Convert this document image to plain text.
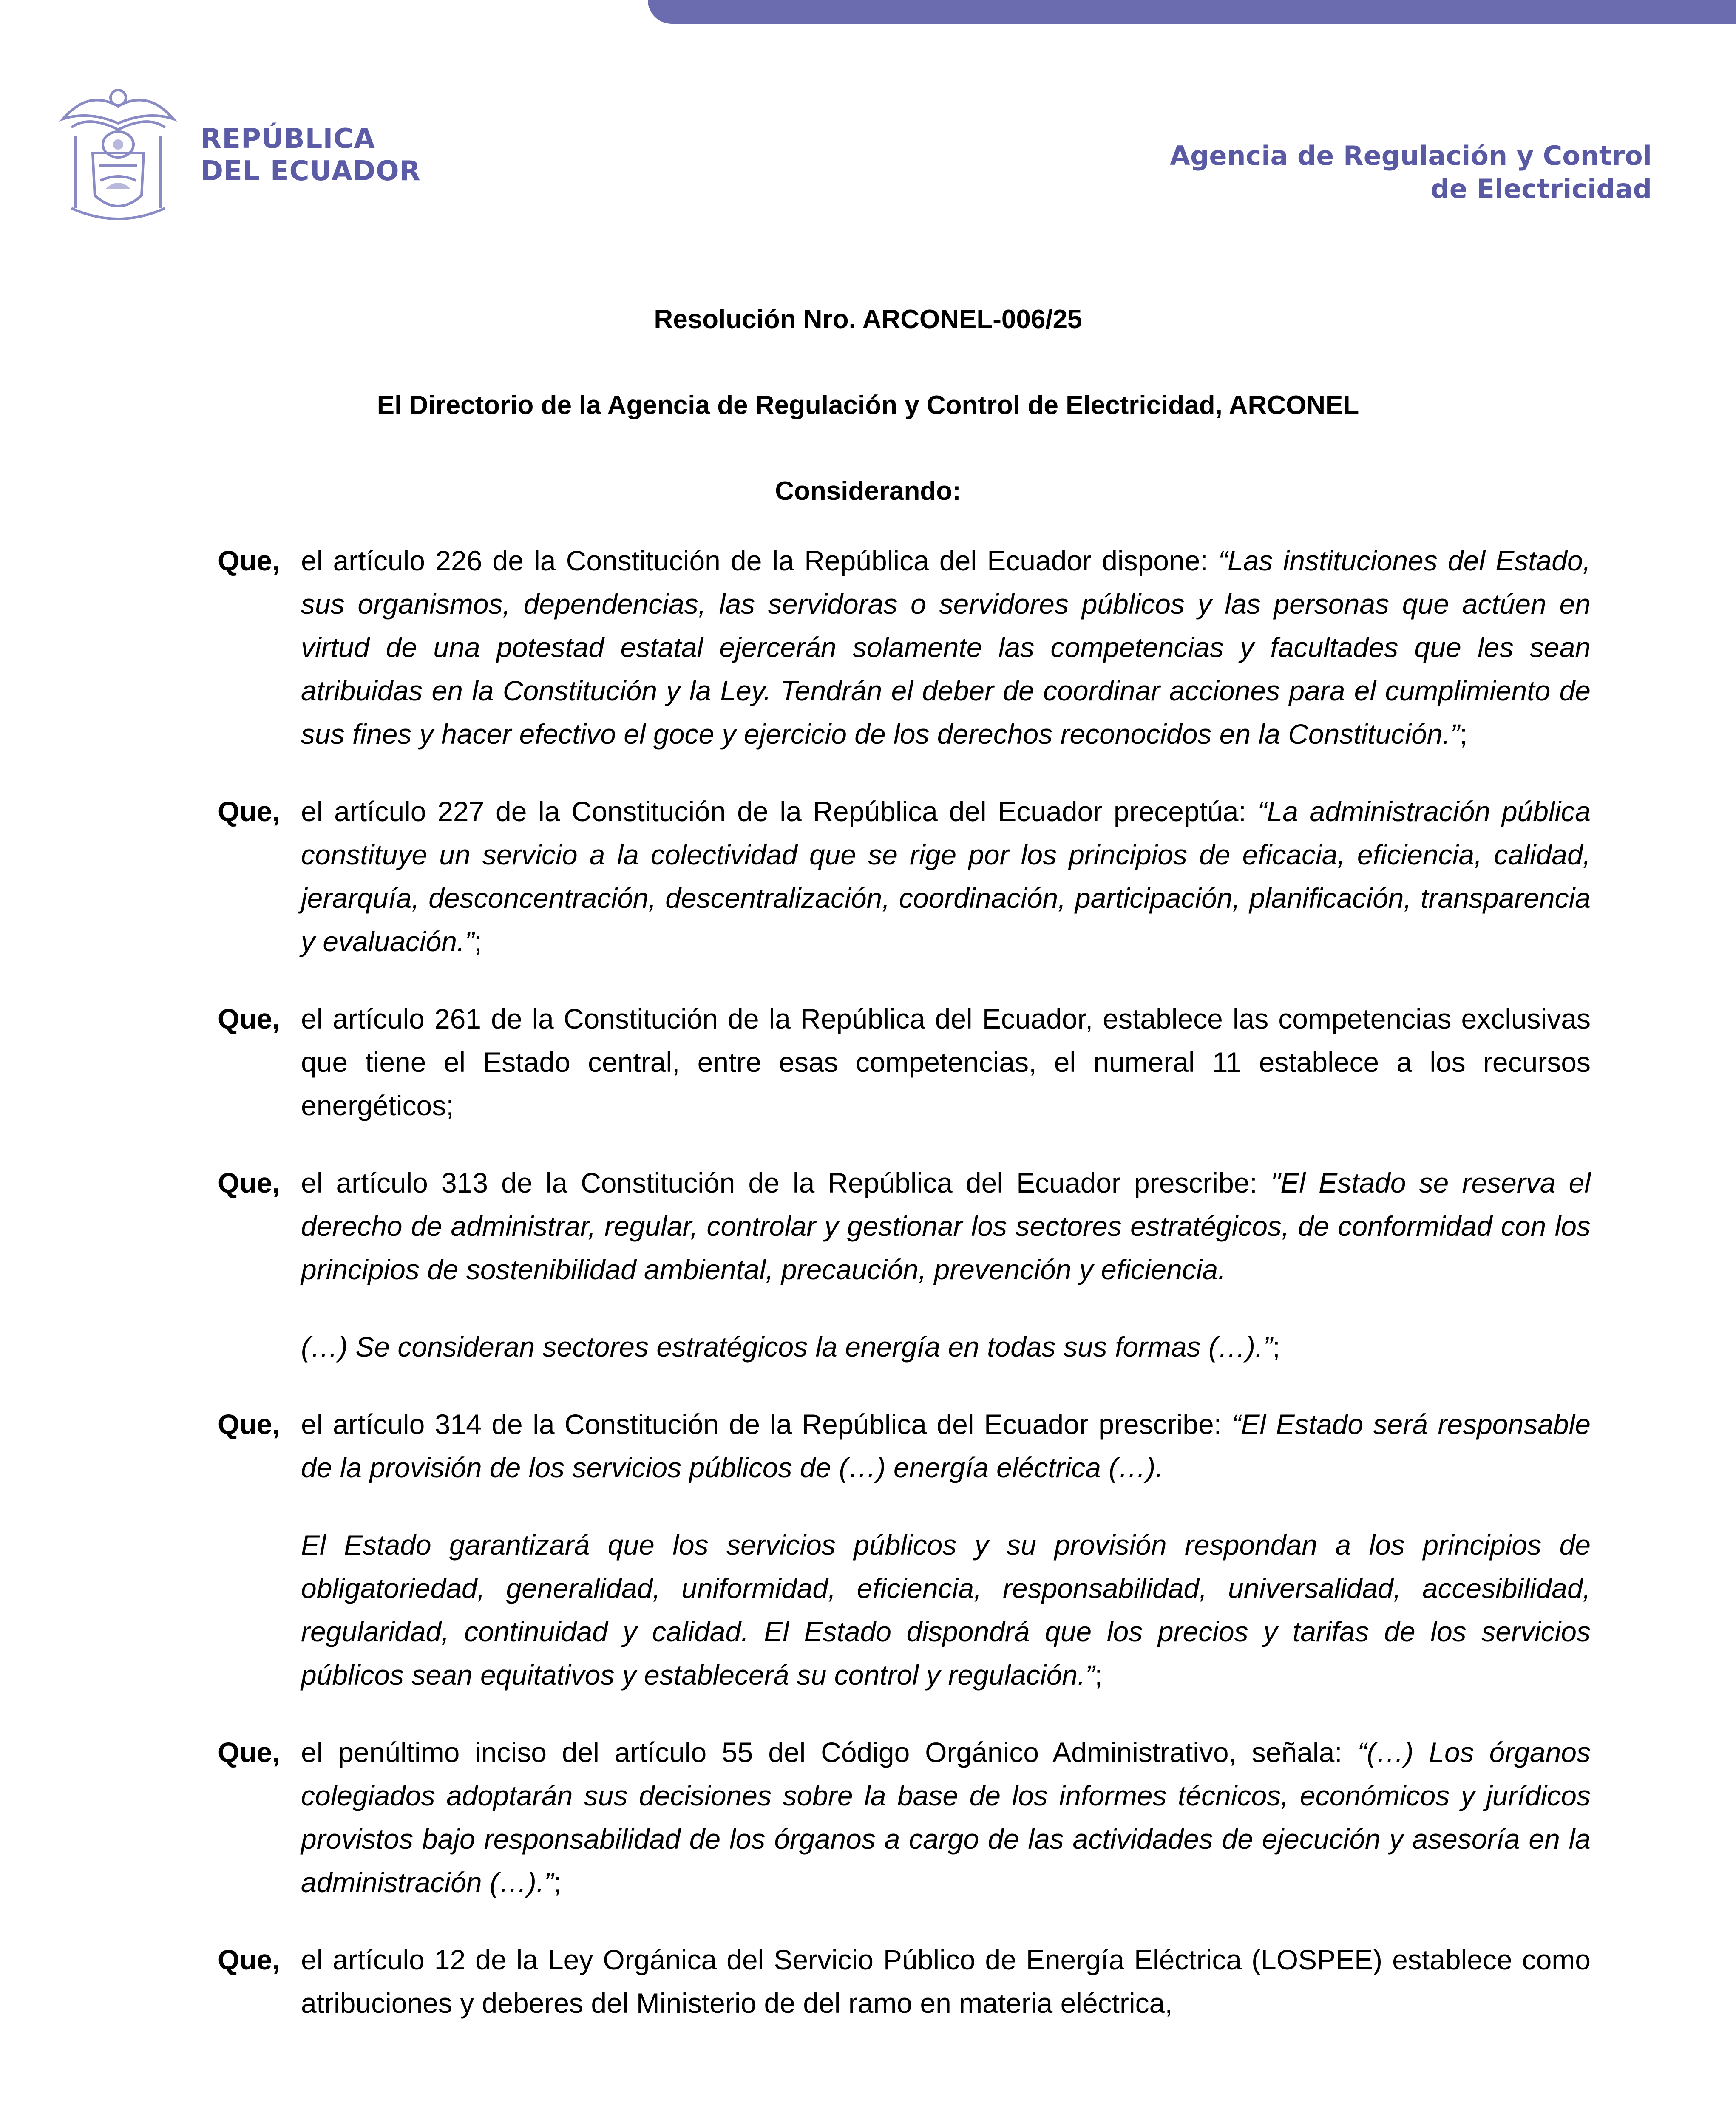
REPÚBLICA
DEL ECUADOR	Agencia de Regulación y Control
de Electricidad
Resolución Nro. ARCONEL-006/25
El Directorio de la Agencia de Regulación y Control de Electricidad, ARCONEL
Considerando:
Que, el artículo 226 de la Constitución de la República del Ecuador dispone: “Las instituciones del Estado, sus organismos, dependencias, las servidoras o servidores públicos y las personas que actúen en virtud de una potestad estatal ejercerán solamente las competencias y facultades que les sean atribuidas en la Constitución y la Ley. Tendrán el deber de coordinar acciones para el cumplimiento de sus fines y hacer efectivo el goce y ejercicio de los derechos reconocidos en la Constitución.”;

Que, el artículo 227 de la Constitución de la República del Ecuador preceptúa: “La administración pública constituye un servicio a la colectividad que se rige por los principios de eficacia, eficiencia, calidad, jerarquía, desconcentración, descentralización, coordinación, participación, planificación, transparencia y evaluación.”;

Que, el artículo 261 de la Constitución de la República del Ecuador, establece las competencias exclusivas que tiene el Estado central, entre esas competencias, el numeral 11 establece a los recursos energéticos;

Que, el artículo 313 de la Constitución de la República del Ecuador prescribe: "El Estado se reserva el derecho de administrar, regular, controlar y gestionar los sectores estratégicos, de conformidad con los principios de sostenibilidad ambiental, precaución, prevención y eficiencia.

(…) Se consideran sectores estratégicos la energía en todas sus formas (…).”;

Que, el artículo 314 de la Constitución de la República del Ecuador prescribe: “El Estado será responsable de la provisión de los servicios públicos de (…) energía eléctrica (…).

El Estado garantizará que los servicios públicos y su provisión respondan a los principios de obligatoriedad, generalidad, uniformidad, eficiencia, responsabilidad, universalidad, accesibilidad, regularidad, continuidad y calidad. El Estado dispondrá que los precios y tarifas de los servicios públicos sean equitativos y establecerá su control y regulación.”;

Que, el penúltimo inciso del artículo 55 del Código Orgánico Administrativo, señala: “(…) Los órganos colegiados adoptarán sus decisiones sobre la base de los informes técnicos, económicos y jurídicos provistos bajo responsabilidad de los órganos a cargo de las actividades de ejecución y asesoría en la administración (…).”;

Que, el artículo 12 de la Ley Orgánica del Servicio Público de Energía Eléctrica (LOSPEE) establece como atribuciones y deberes del Ministerio de del ramo en materia eléctrica,
